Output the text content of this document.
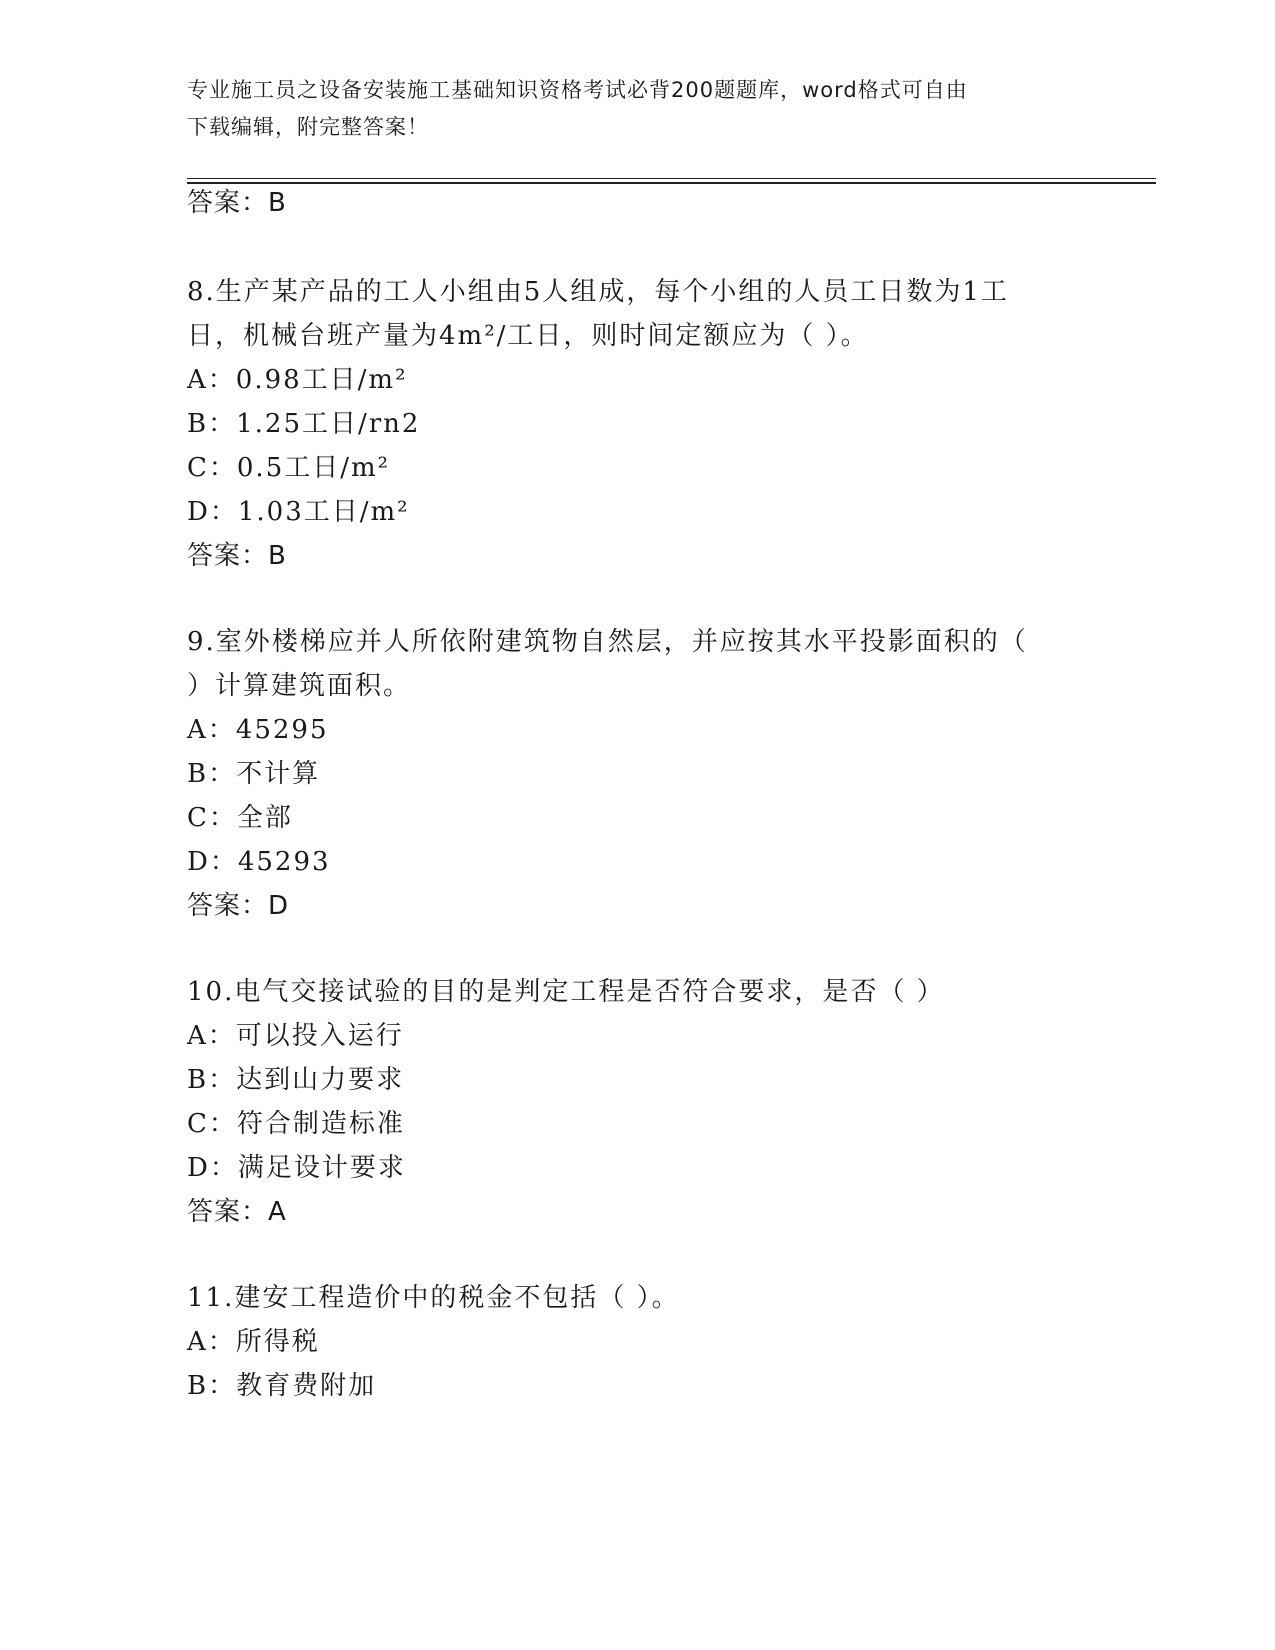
专业施工员之设备安装施工基础知识资格考试必背200题题库，word格式可自由
下载编辑，附完整答案！
答案：B
8.生产某产品的工人小组由5人组成，每个小组的人员工日数为1工
日，机械台班产量为4m²/工日，则时间定额应为（ ）。
A：0.98工日/m²
B：1.25工日/rn2
C：0.5工日/m²
D：1.03工日/m²
答案：B
9.室外楼梯应并人所依附建筑物自然层，并应按其水平投影面积的（
）计算建筑面积。
A：45295
B：不计算
C：全部
D：45293
答案：D
10.电气交接试验的目的是判定工程是否符合要求，是否（ ）
A：可以投入运行
B：达到山力要求
C：符合制造标准
D：满足设计要求
答案：A
11.建安工程造价中的税金不包括（ ）。
A：所得税
B：教育费附加
